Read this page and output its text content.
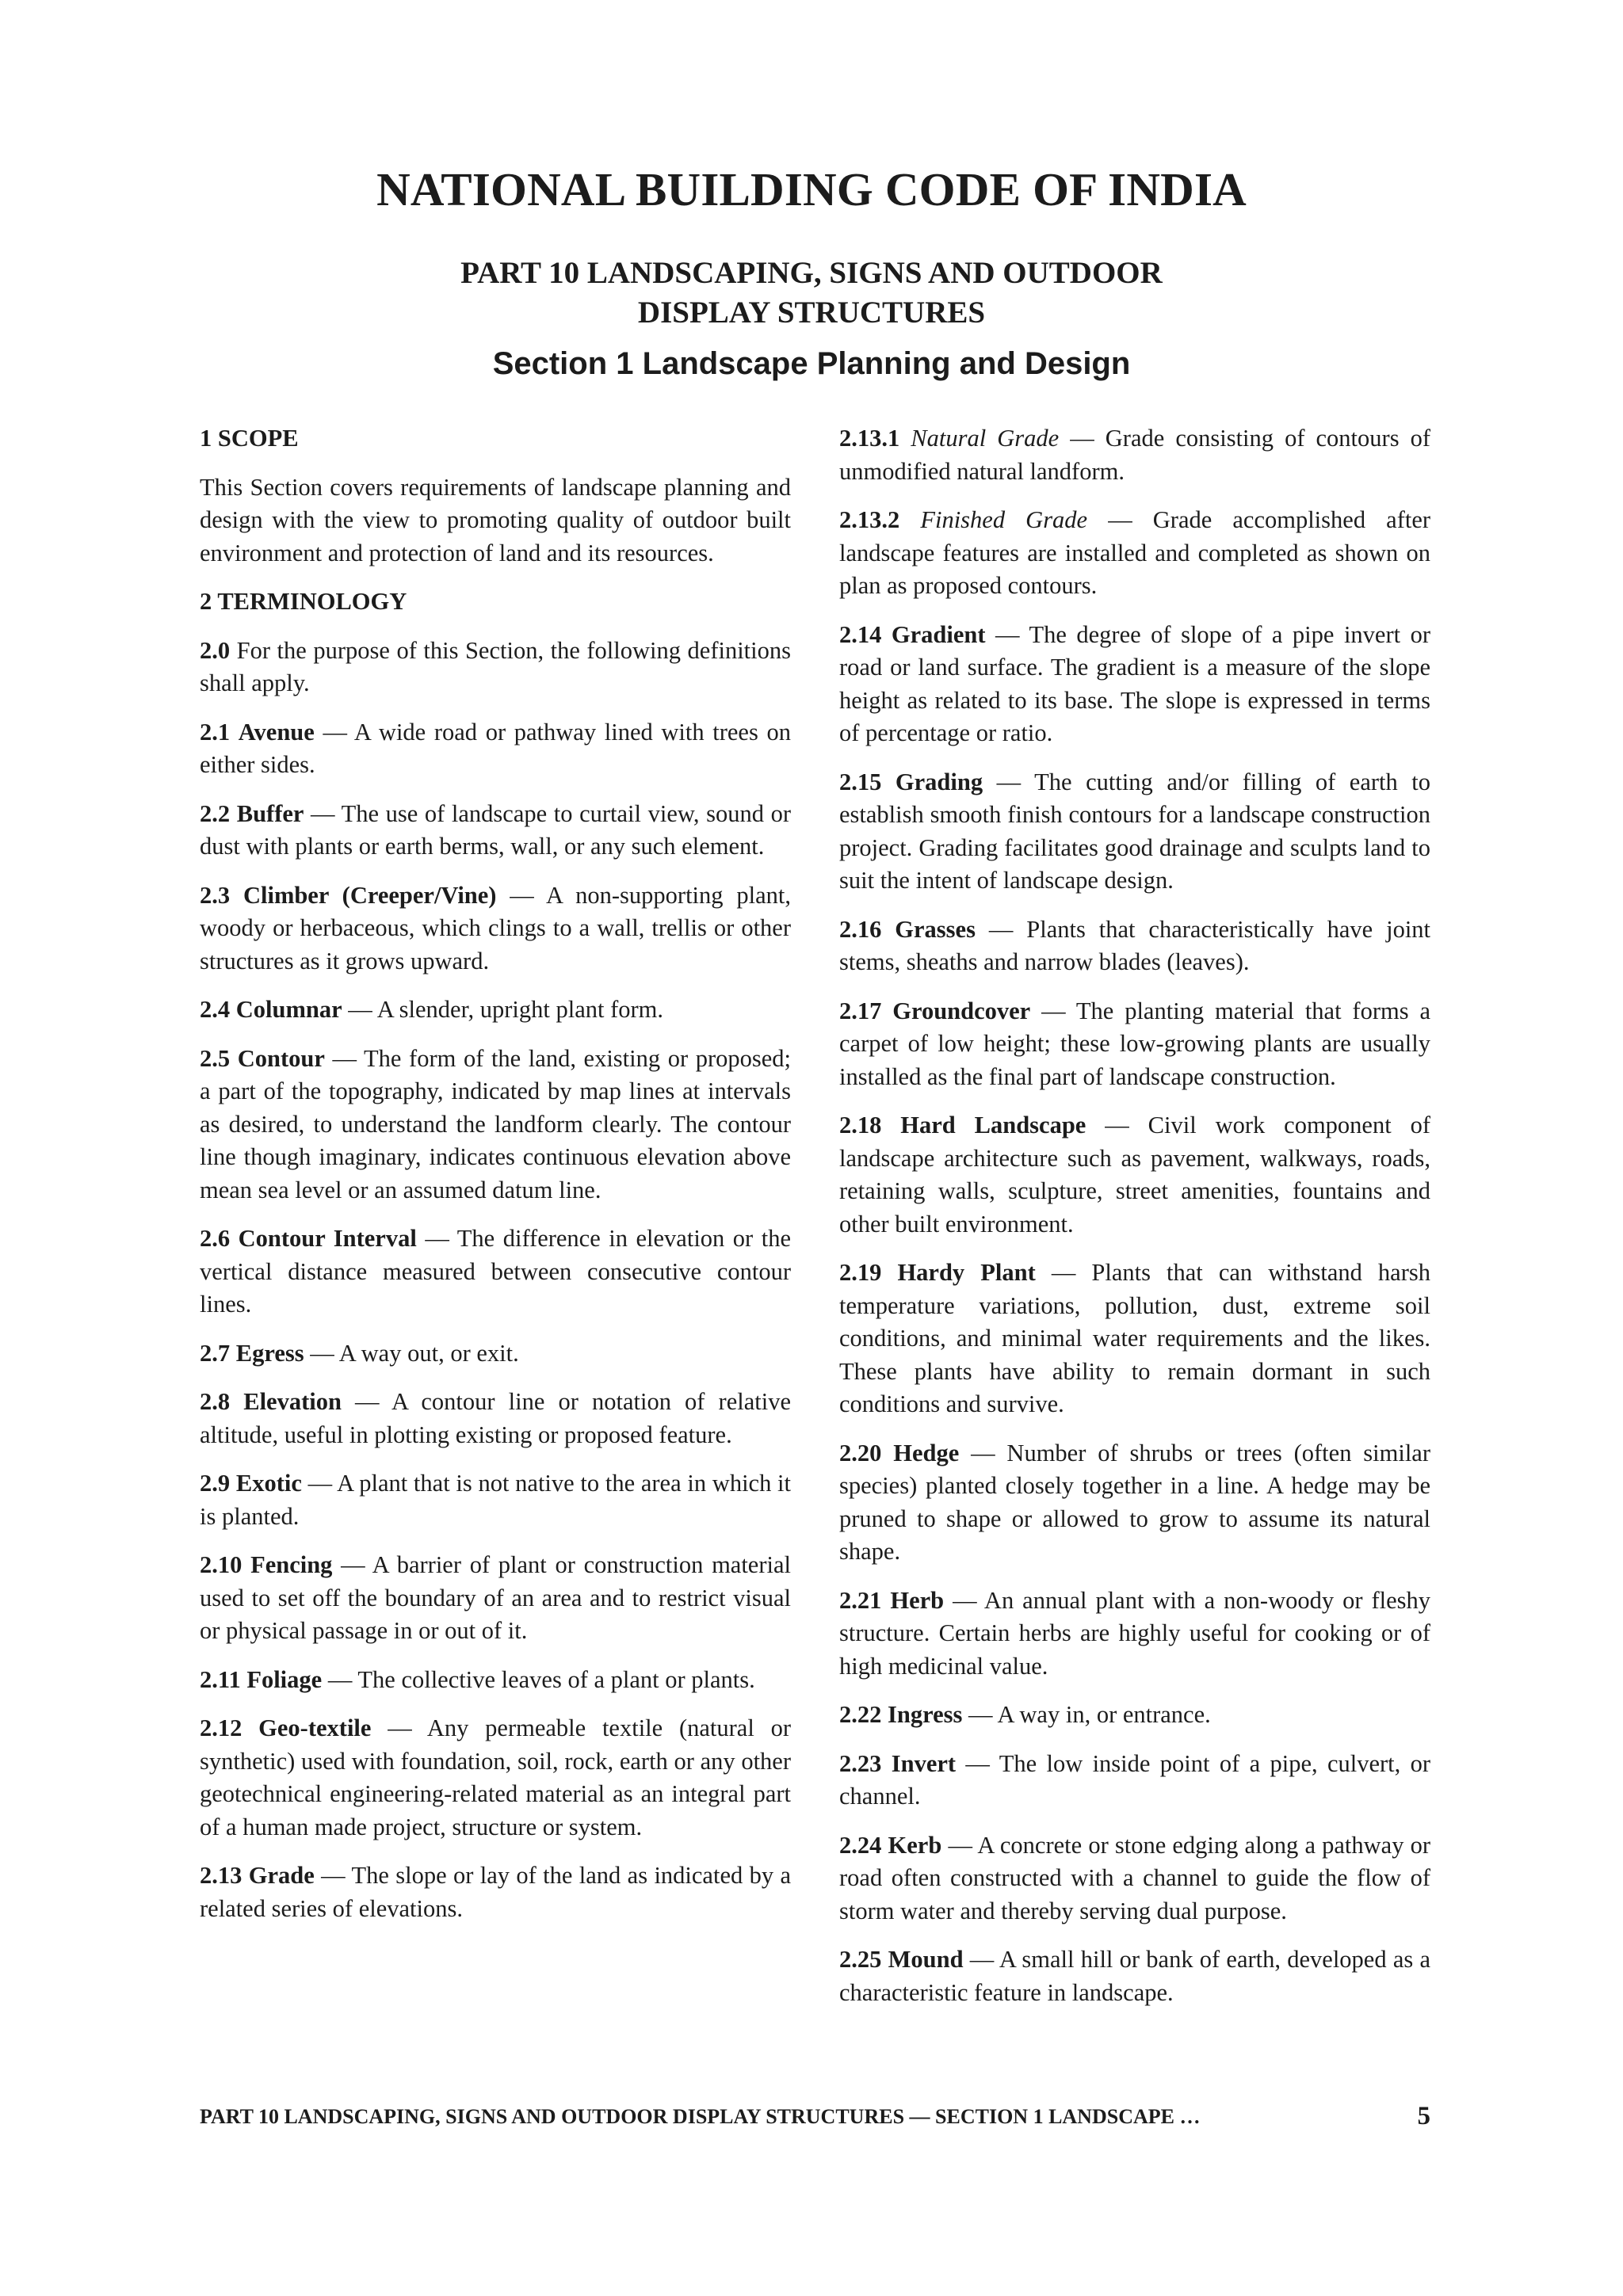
NATIONAL BUILDING CODE OF INDIA
PART 10 LANDSCAPING, SIGNS AND OUTDOOR
DISPLAY STRUCTURES
Section 1 Landscape Planning and Design
1 SCOPE

This Section covers requirements of landscape planning and design with the view to promoting quality of outdoor built environment and protection of land and its resources.

2 TERMINOLOGY

2.0 For the purpose of this Section, the following definitions shall apply.

2.1 Avenue — A wide road or pathway lined with trees on either sides.

2.2 Buffer — The use of landscape to curtail view, sound or dust with plants or earth berms, wall, or any such element.

2.3 Climber (Creeper/Vine) — A non-supporting plant, woody or herbaceous, which clings to a wall, trellis or other structures as it grows upward.

2.4 Columnar — A slender, upright plant form.

2.5 Contour — The form of the land, existing or proposed; a part of the topography, indicated by map lines at intervals as desired, to understand the landform clearly. The contour line though imaginary, indicates continuous elevation above mean sea level or an assumed datum line.

2.6 Contour Interval — The difference in elevation or the vertical distance measured between consecutive contour lines.

2.7 Egress — A way out, or exit.

2.8 Elevation — A contour line or notation of relative altitude, useful in plotting existing or proposed feature.

2.9 Exotic — A plant that is not native to the area in which it is planted.

2.10 Fencing — A barrier of plant or construction material used to set off the boundary of an area and to restrict visual or physical passage in or out of it.

2.11 Foliage — The collective leaves of a plant or plants.

2.12 Geo-textile — Any permeable textile (natural or synthetic) used with foundation, soil, rock, earth or any other geotechnical engineering-related material as an integral part of a human made project, structure or system.

2.13 Grade — The slope or lay of the land as indicated by a related series of elevations.

2.13.1 Natural Grade — Grade consisting of contours of unmodified natural landform.

2.13.2 Finished Grade — Grade accomplished after landscape features are installed and completed as shown on plan as proposed contours.

2.14 Gradient — The degree of slope of a pipe invert or road or land surface. The gradient is a measure of the slope height as related to its base. The slope is expressed in terms of percentage or ratio.

2.15 Grading — The cutting and/or filling of earth to establish smooth finish contours for a landscape construction project. Grading facilitates good drainage and sculpts land to suit the intent of landscape design.

2.16 Grasses — Plants that characteristically have joint stems, sheaths and narrow blades (leaves).

2.17 Groundcover — The planting material that forms a carpet of low height; these low-growing plants are usually installed as the final part of landscape construction.

2.18 Hard Landscape — Civil work component of landscape architecture such as pavement, walkways, roads, retaining walls, sculpture, street amenities, fountains and other built environment.

2.19 Hardy Plant — Plants that can withstand harsh temperature variations, pollution, dust, extreme soil conditions, and minimal water requirements and the likes. These plants have ability to remain dormant in such conditions and survive.

2.20 Hedge — Number of shrubs or trees (often similar species) planted closely together in a line. A hedge may be pruned to shape or allowed to grow to assume its natural shape.

2.21 Herb — An annual plant with a non-woody or fleshy structure. Certain herbs are highly useful for cooking or of high medicinal value.

2.22 Ingress — A way in, or entrance.

2.23 Invert — The low inside point of a pipe, culvert, or channel.

2.24 Kerb — A concrete or stone edging along a pathway or road often constructed with a channel to guide the flow of storm water and thereby serving dual purpose.

2.25 Mound — A small hill or bank of earth, developed as a characteristic feature in landscape.

PART 10 LANDSCAPING, SIGNS AND OUTDOOR DISPLAY STRUCTURES — SECTION 1 LANDSCAPE …	5
